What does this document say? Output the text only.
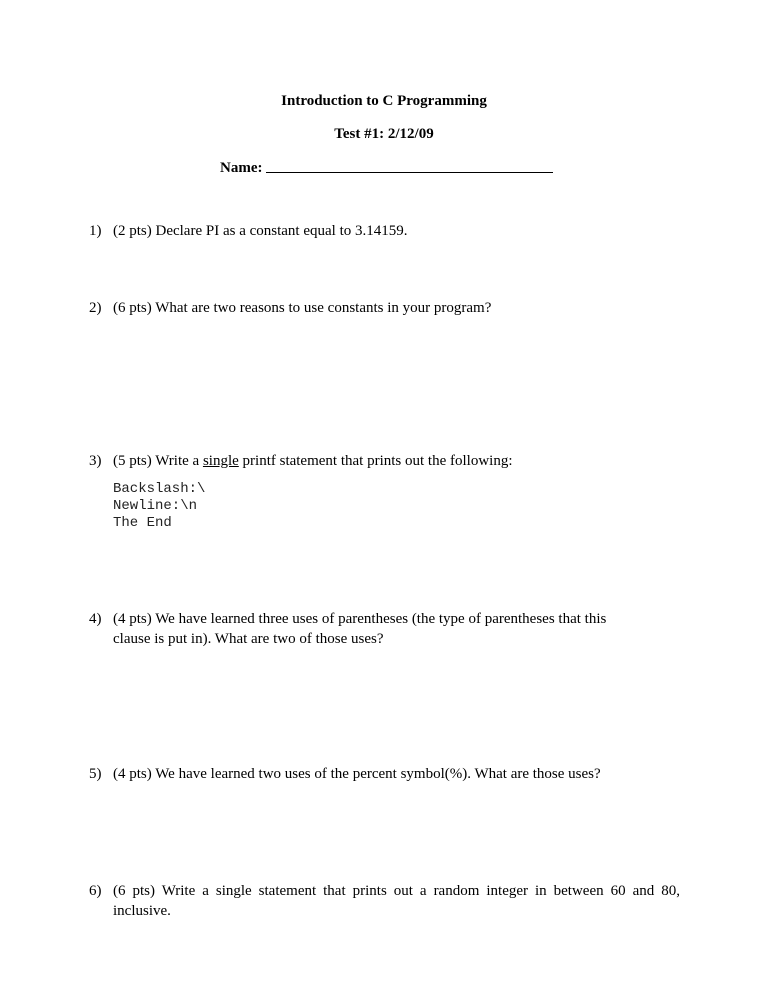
Introduction to C Programming
Test #1: 2/12/09
Name:
1) (2 pts) Declare PI as a constant equal to 3.14159.
2) (6 pts) What are two reasons to use constants in your program?
3) (5 pts) Write a single printf statement that prints out the following:
Backslash:\
Newline:\n
The End
4) (4 pts) We have learned three uses of parentheses (the type of parentheses that this clause is put in). What are two of those uses?
5) (4 pts) We have learned two uses of the percent symbol(%). What are those uses?
6) (6 pts) Write a single statement that prints out a random integer in between 60 and 80, inclusive.
